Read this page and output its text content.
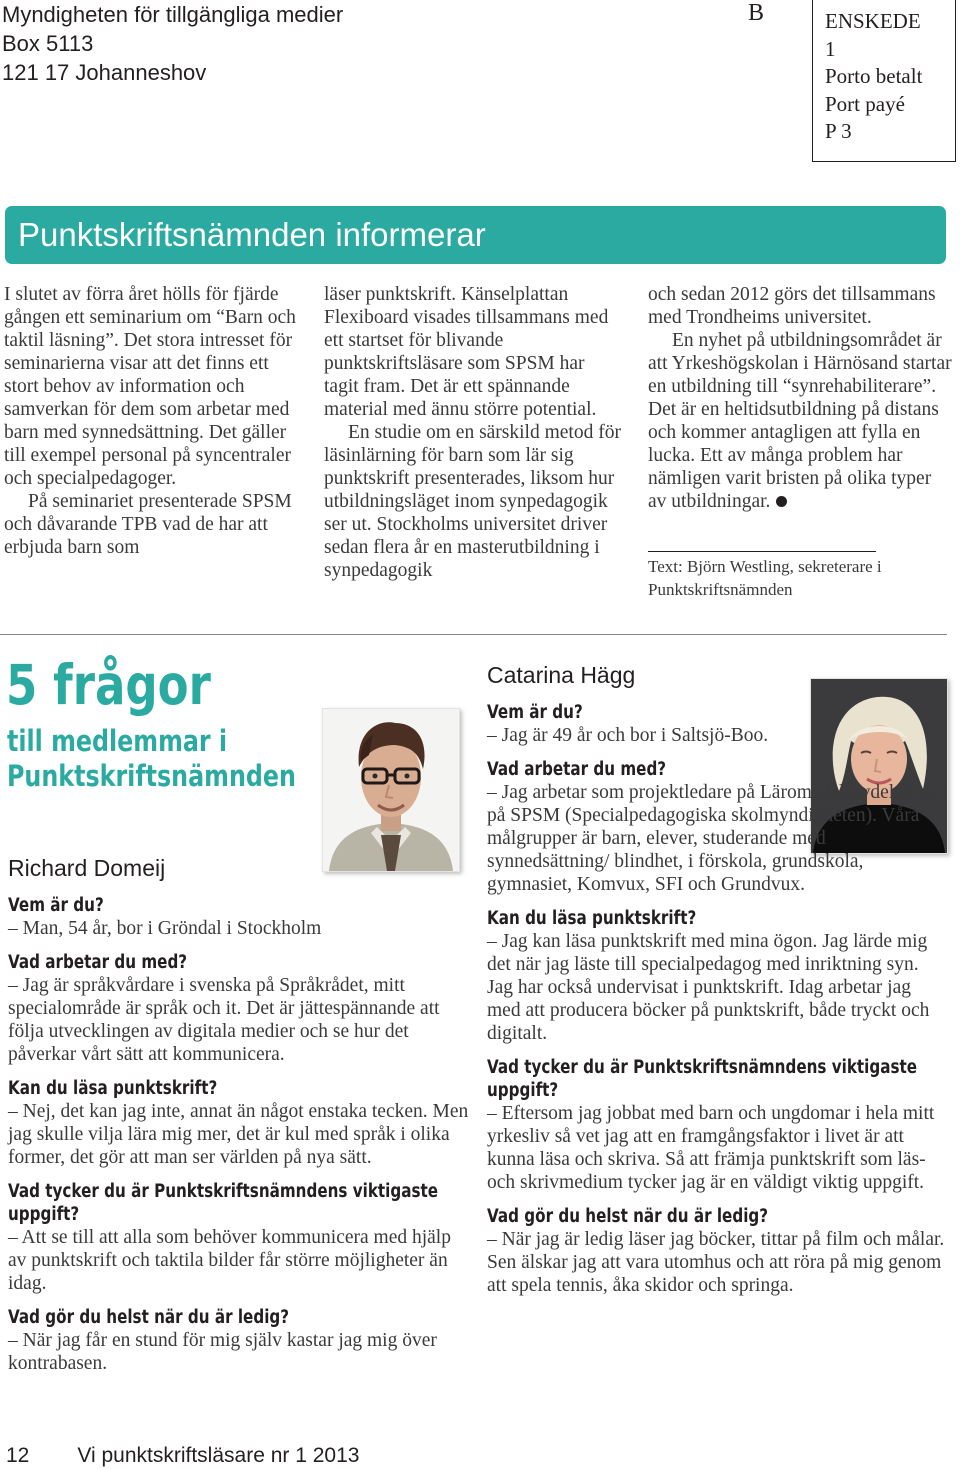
Myndigheten för tillgängliga medier
Box 5113
121 17 Johanneshov
B	ENSKEDE
1
Porto betalt
Port payé
P 3
Punktskriftsnämnden informerar

I slutet av förra året hölls för fjärde gången ett seminarium om “Barn och taktil läsning”. Det stora intresset för seminarierna visar att det finns ett stort behov av information och samverkan för dem som arbetar med barn med synnedsättning. Det gäller till exempel personal på syncentraler och specialpedagoger.

På seminariet presenterade SPSM och dåvarande TPB vad de har att erbjuda barn som

läser punktskrift. Känselplattan Flexiboard visades tillsammans med ett startset för blivande punktskriftsläsare som SPSM har tagit fram. Det är ett spännande material med ännu större potential.

En studie om en särskild metod för läsinlärning för barn som lär sig punktskrift presenterades, liksom hur utbildningsläget inom synpedagogik ser ut. Stockholms universitet driver sedan flera år en masterutbildning i synpedagogik

och sedan 2012 görs det tillsammans med Trondheims universitet.

En nyhet på utbildningsområdet är att Yrkeshögskolan i Härnösand startar en utbildning till “synrehabiliterare”. Det är en heltidsutbildning på distans och kommer antagligen att fylla en lucka. Ett av många problem har nämligen varit bristen på olika typer av utbildningar.

Text: Björn Westling, sekreterare i Punktskriftsnämnden
5 frågor
till medlemmar i
Punktskriftsnämnden
Richard Domeij
Vem är du?
– Man, 54 år, bor i Gröndal i Stockholm
Vad arbetar du med?
– Jag är språkvårdare i svenska på Språkrådet, mitt specialområde är språk och it. Det är jättespännande att följa utvecklingen av digitala medier och se hur det påverkar vårt sätt att kommunicera.
Kan du läsa punktskrift?
– Nej, det kan jag inte, annat än något enstaka tecken. Men jag skulle vilja lära mig mer, det är kul med språk i olika former, det gör att man ser världen på nya sätt.
Vad tycker du är Punktskriftsnämndens viktigaste uppgift?
– Att se till att alla som behöver kommunicera med hjälp av punktskrift och taktila bilder får större möjligheter än idag.
Vad gör du helst när du är ledig?
– När jag får en stund för mig själv kastar jag mig över kontrabasen.
Catarina Hägg
Vem är du?
– Jag är 49 år och bor i Saltsjö-Boo.
Vad arbetar du med?
– Jag arbetar som projektledare på Läromedelsavdelningen på SPSM (Specialpedagogiska skolmyndigheten). Våra målgrupper är barn, elever, studerande med synnedsättning/ blindhet, i förskola, grundskola, gymnasiet, Komvux, SFI och Grundvux.
Kan du läsa punktskrift?
– Jag kan läsa punktskrift med mina ögon. Jag lärde mig det när jag läste till specialpedagog med inriktning syn. Jag har också undervisat i punktskrift. Idag arbetar jag med att producera böcker på punktskrift, både tryckt och digitalt.
Vad tycker du är Punktskriftsnämndens viktigaste uppgift?
– Eftersom jag jobbat med barn och ungdomar i hela mitt yrkesliv så vet jag att en framgångsfaktor i livet är att kunna läsa och skriva. Så att främja punktskrift som läs- och skrivmedium tycker jag är en väldigt viktig uppgift.
Vad gör du helst när du är ledig?
– När jag är ledig läser jag böcker, tittar på film och målar. Sen älskar jag att vara utomhus och att röra på mig genom att spela tennis, åka skidor och springa.
12 Vi punktskriftsläsare nr 1 2013
